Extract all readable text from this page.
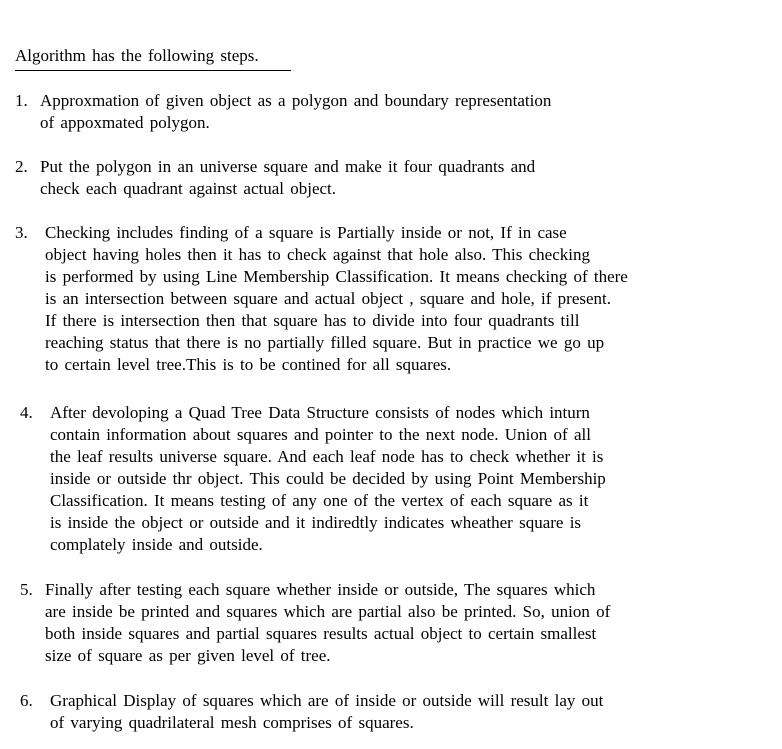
Algorithm has the following steps.
1. Approxmation of given object as a polygon and boundary representation
of appoxmated polygon.
2. Put the polygon in an universe square and make it four quadrants and
check each quadrant against actual object.
3. Checking includes finding of a square is Partially inside or not, If in case
object having holes then it has to check against that hole also. This checking
is performed by using Line Membership Classification. It means checking of there
is an intersection between square and actual object , square and hole, if present.
If there is intersection then that square has to divide into four quadrants till
reaching status that there is no partially filled square. But in practice we go up
to certain level tree.This is to be contined for all squares.
4. After devoloping a Quad Tree Data Structure consists of nodes which inturn
contain information about squares and pointer to the next node. Union of all
the leaf results universe square. And each leaf node has to check whether it is
inside or outside thr object. This could be decided by using Point Membership
Classification. It means testing of any one of the vertex of each square as it
is inside the object or outside and it indiredtly indicates wheather square is
complately inside and outside.
5. Finally after testing each square whether inside or outside, The squares which
are inside be printed and squares which are partial also be printed. So, union of
both inside squares and partial squares results actual object to certain smallest
size of square as per given level of tree.
6. Graphical Display of squares which are of inside or outside will result lay out
of varying quadrilateral mesh comprises of squares.
